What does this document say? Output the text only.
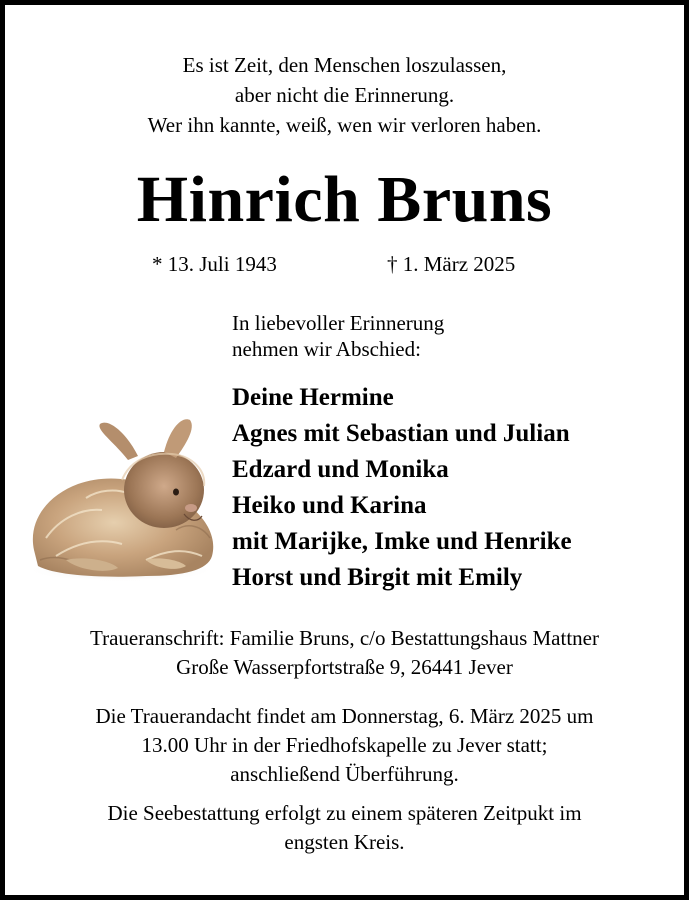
Es ist Zeit, den Menschen loszulassen,
aber nicht die Erinnerung.
Wer ihn kannte, weiß, wen wir verloren haben.
Hinrich Bruns
* 13. Juli 1943	† 1. März 2025
In liebevoller Erinnerung
nehmen wir Abschied:
Deine Hermine
Agnes mit Sebastian und Julian
Edzard und Monika
Heiko und Karina
mit Marijke, Imke und Henrike
Horst und Birgit mit Emily
Traueranschrift: Familie Bruns, c/o Bestattungshaus Mattner
Große Wasserpfortstraße 9, 26441 Jever
Die Trauerandacht findet am Donnerstag, 6. März 2025 um
13.00 Uhr in der Friedhofskapelle zu Jever statt;
anschließend Überführung.
Die Seebestattung erfolgt zu einem späteren Zeitpukt im
engsten Kreis.
